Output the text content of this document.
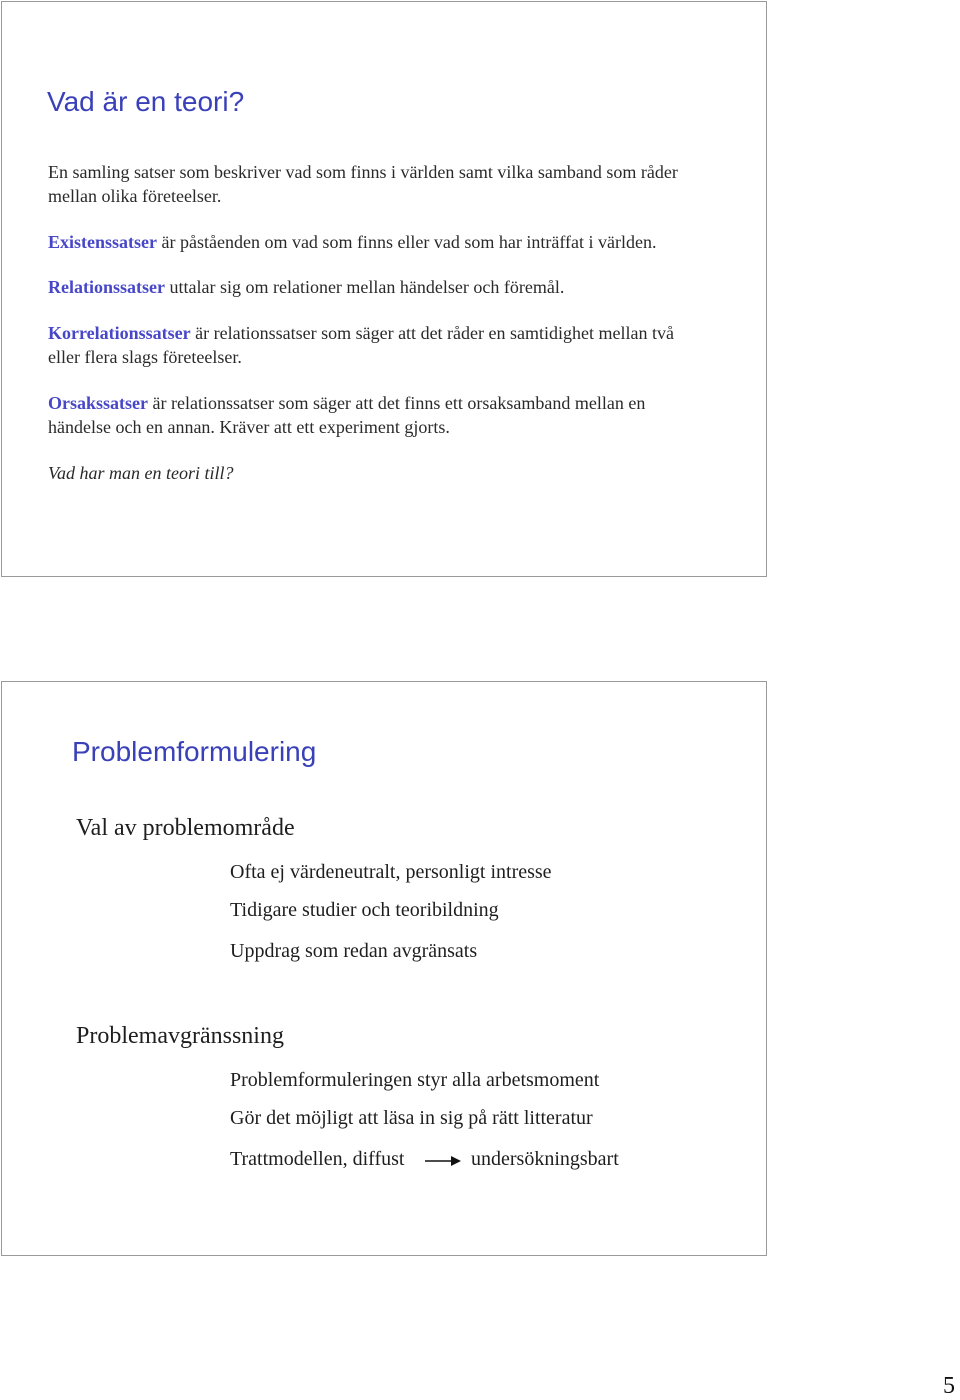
Vad är en teori?
En samling satser som beskriver vad som finns i världen samt vilka samband som råder
mellan olika företeelser.
Existenssatser är påståenden om vad som finns eller vad som har inträffat i världen.
Relationssatser uttalar sig om relationer mellan händelser och föremål.
Korrelationssatser är relationssatser som säger att det råder en samtidighet mellan två
eller flera slags företeelser.
Orsakssatser är relationssatser som säger att det finns ett orsaksamband mellan en
händelse och en annan. Kräver att ett experiment gjorts.
Vad har man en teori till?
Problemformulering
Val av problemområde
Ofta ej värdeneutralt, personligt intresse
Tidigare studier och teoribildning
Uppdrag som redan avgränsats
Problemavgränssning
Problemformuleringen styr alla arbetsmoment
Gör det möjligt att läsa in sig på rätt litteratur
Trattmodellen, diffust	undersökningsbart
5
